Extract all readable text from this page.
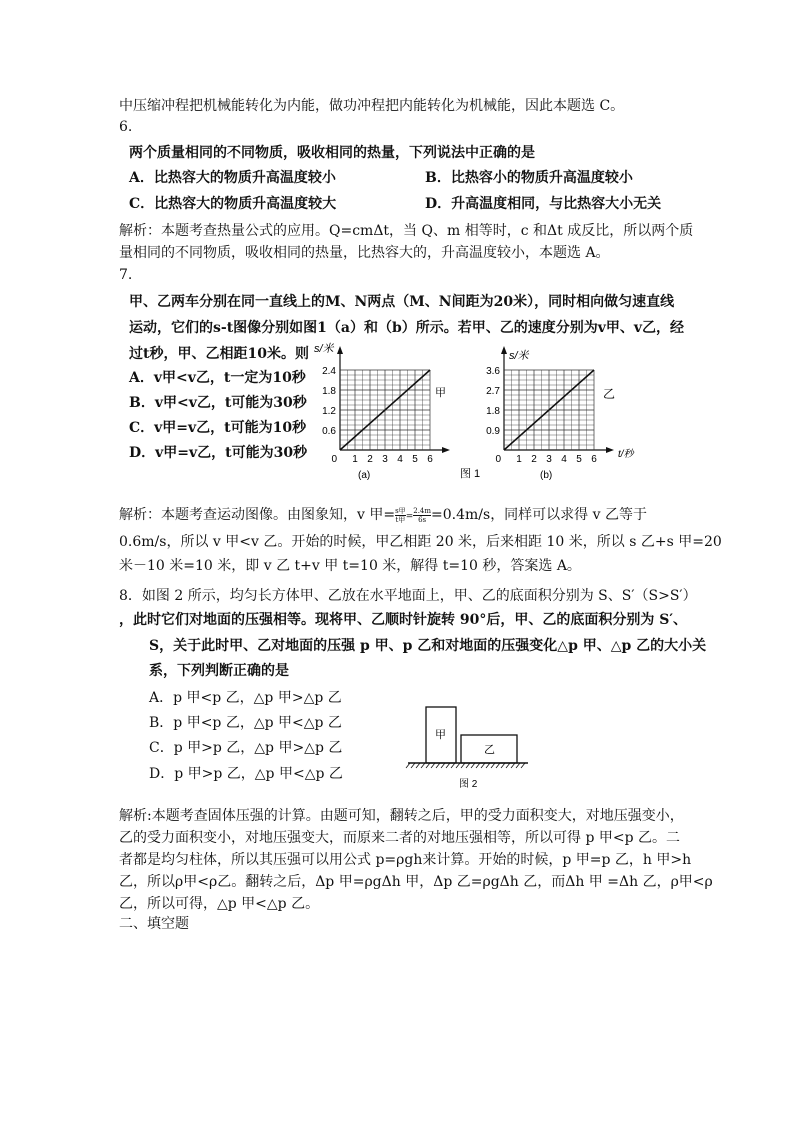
中压缩冲程把机械能转化为内能，做功冲程把内能转化为机械能，因此本题选 C。
6.
两个质量相同的不同物质，吸收相同的热量，下列说法中正确的是
A．比热容大的物质升高温度较小	B．比热容小的物质升高温度较小
C．比热容大的物质升高温度较大	D．升高温度相同，与比热容大小无关
解析：本题考查热量公式的应用。Q=cmΔt，当 Q、m 相等时，c 和Δt 成反比，所以两个质
量相同的不同物质，吸收相同的热量，比热容大的，升高温度较小，本题选 A。
7.
甲、乙两车分别在同一直线上的M、N两点（M、N间距为20米），同时相向做匀速直线
运动，它们的s-t图像分别如图1（a）和（b）所示。若甲、乙的速度分别为v甲、v乙，经
过t秒，甲、乙相距10米。则
A．v甲<v乙，t一定为10秒
B．v甲<v乙，t可能为30秒
C．v甲=v乙，t可能为10秒
D．v甲=v乙，t可能为30秒
0.6
1.2
1.8
2.4
0 1 2 3 4 5 6
s/米
甲
(a)
0.9
1.8
2.7
3.6
0 1 2 3 4 5 6
s/米
乙
t/秒
(b)
图 1
解析：本题考查运动图像。由图象知，v 甲= $\frac{\text{s甲}}{\text{t甲}} = \frac{2.4m}{6s} =0.4m/s$，同样可以求得 v 乙等于
0.6m/s，所以 v 甲<v 乙。开始的时候，甲乙相距 20 米，后来相距 10 米，所以 s 乙+s 甲=20
米－10 米=10 米，即 v 乙 t+v 甲 t=10 米，解得 t=10 秒，答案选 A。
8．如图 2 所示，均匀长方体甲、乙放在水平地面上，甲、乙的底面积分别为 S、S′（S>S′）
，此时它们对地面的压强相等。现将甲、乙顺时针旋转 90°后，甲、乙的底面积分别为 S′、
S，关于此时甲、乙对地面的压强 p 甲、p 乙和对地面的压强变化△p 甲、△p 乙的大小关
系，下列判断正确的是
A．p 甲<p 乙，△p 甲>△p 乙
B．p 甲<p 乙，△p 甲<△p 乙
C．p 甲>p 乙，△p 甲>△p 乙
D．p 甲>p 乙，△p 甲<△p 乙
甲
乙
图 2
解析:本题考查固体压强的计算。由题可知，翻转之后，甲的受力面积变大，对地压强变小，
乙的受力面积变小，对地压强变大，而原来二者的对地压强相等，所以可得 p 甲<p 乙。二
者都是均匀柱体，所以其压强可以用公式 p=ρgh来计算。开始的时候，p 甲=p 乙，h 甲>h
乙，所以ρ甲<ρ乙。翻转之后，Δp 甲=ρgΔh 甲，Δp 乙=ρgΔh 乙，而Δh 甲 =Δh 乙，ρ甲<ρ
乙，所以可得，△p 甲<△p 乙。
二、填空题
